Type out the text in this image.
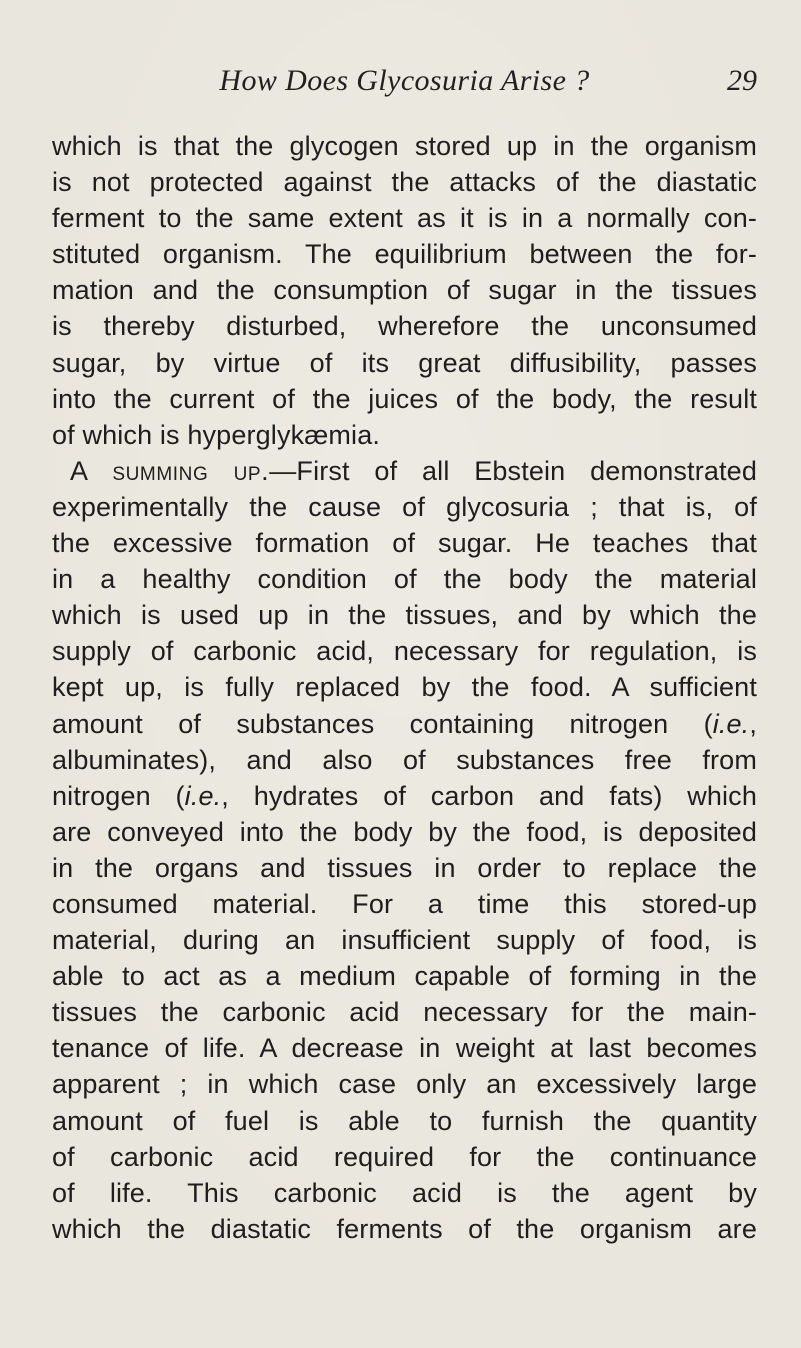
How Does Glycosuria Arise ?	29
which is that the glycogen stored up in the organism
is not protected against the attacks of the diastatic
ferment to the same extent as it is in a normally con-
stituted organism. The equilibrium between the for-
mation and the consumption of sugar in the tissues
is thereby disturbed, wherefore the unconsumed
sugar, by virtue of its great diffusibility, passes
into the current of the juices of the body, the result
of which is hyperglykæmia.
A summing up.—First of all Ebstein demonstrated
experimentally the cause of glycosuria ; that is, of
the excessive formation of sugar. He teaches that
in a healthy condition of the body the material
which is used up in the tissues, and by which the
supply of carbonic acid, necessary for regulation, is
kept up, is fully replaced by the food. A sufficient
amount of substances containing nitrogen (i.e.,
albuminates), and also of substances free from
nitrogen (i.e., hydrates of carbon and fats) which
are conveyed into the body by the food, is deposited
in the organs and tissues in order to replace the
consumed material. For a time this stored-up
material, during an insufficient supply of food, is
able to act as a medium capable of forming in the
tissues the carbonic acid necessary for the main-
tenance of life. A decrease in weight at last becomes
apparent ; in which case only an excessively large
amount of fuel is able to furnish the quantity
of carbonic acid required for the continuance
of life. This carbonic acid is the agent by
which the diastatic ferments of the organism are
